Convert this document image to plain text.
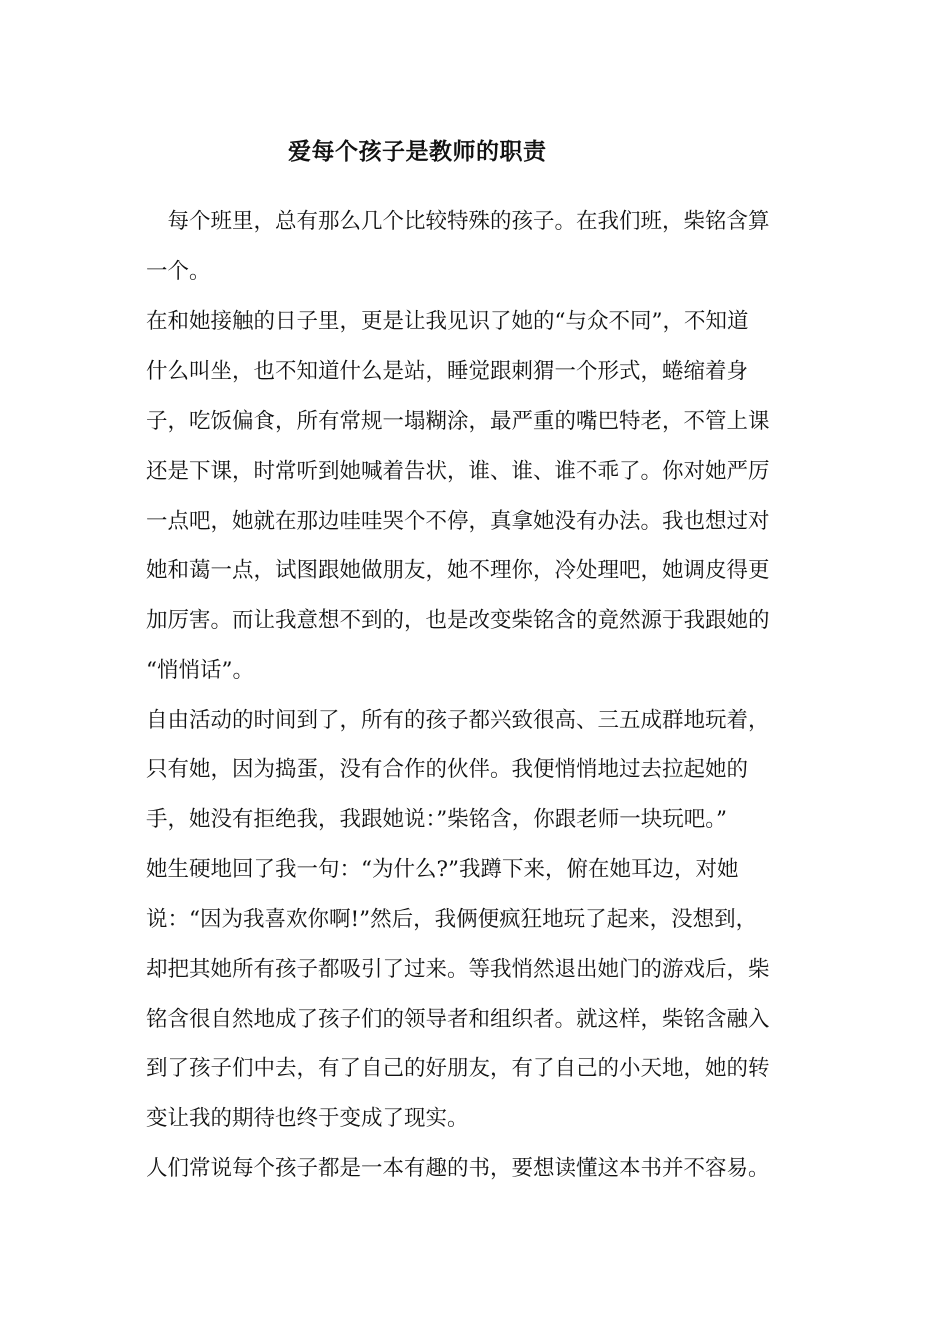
爱每个孩子是教师的职责
　每个班里，总有那么几个比较特殊的孩子。在我们班，柴铭含算
一个。
在和她接触的日子里，更是让我见识了她的“与众不同”，不知道
什么叫坐，也不知道什么是站，睡觉跟刺猬一个形式，蜷缩着身
子，吃饭偏食，所有常规一塌糊涂，最严重的嘴巴特老，不管上课
还是下课，时常听到她喊着告状，谁、谁、谁不乖了。你对她严厉
一点吧，她就在那边哇哇哭个不停，真拿她没有办法。我也想过对
她和蔼一点，试图跟她做朋友，她不理你，冷处理吧，她调皮得更
加厉害。而让我意想不到的，也是改变柴铭含的竟然源于我跟她的
“悄悄话”。
自由活动的时间到了，所有的孩子都兴致很高、三五成群地玩着，
只有她，因为捣蛋，没有合作的伙伴。我便悄悄地过去拉起她的
手，她没有拒绝我，我跟她说：”柴铭含，你跟老师一块玩吧。”
她生硬地回了我一句：“为什么?”我蹲下来，俯在她耳边，对她
说：“因为我喜欢你啊!”然后，我俩便疯狂地玩了起来，没想到，
却把其她所有孩子都吸引了过来。等我悄然退出她门的游戏后，柴
铭含很自然地成了孩子们的领导者和组织者。就这样，柴铭含融入
到了孩子们中去，有了自己的好朋友，有了自己的小天地，她的转
变让我的期待也终于变成了现实。
人们常说每个孩子都是一本有趣的书，要想读懂这本书并不容易。
